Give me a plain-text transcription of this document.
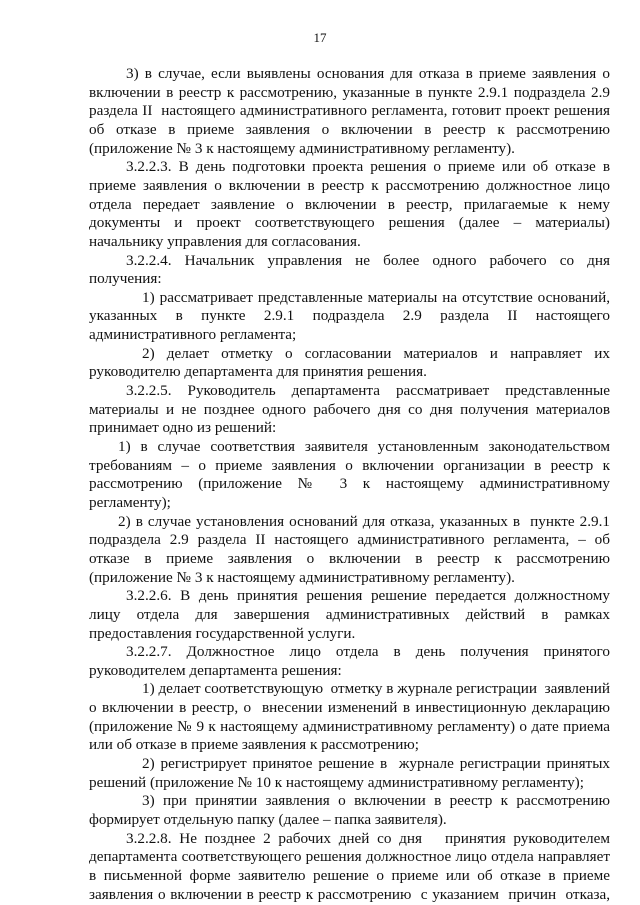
17
3) в случае, если выявлены основания для отказа в приеме заявления о
включении в реестр к рассмотрению, указанные в пункте 2.9.1 подраздела 2.9
раздела II  настоящего административного регламента, готовит проект решения
об отказе в приеме заявления о включении в реестр к рассмотрению
(приложение № 3 к настоящему административному регламенту).
3.2.2.3. В день подготовки проекта решения о приеме или об отказе в
приеме заявления о включении в реестр к рассмотрению должностное лицо
отдела передает заявление о включении в реестр, прилагаемые к нему
документы и проект соответствующего решения (далее – материалы)
начальнику управления для согласования.
3.2.2.4. Начальник управления не более одного рабочего со дня
получения:
1) рассматривает представленные материалы на отсутствие оснований,
указанных в пункте 2.9.1 подраздела 2.9 раздела II настоящего
административного регламента;
2) делает отметку о согласовании материалов и направляет их
руководителю департамента для принятия решения.
3.2.2.5. Руководитель департамента рассматривает представленные
материалы и не позднее одного рабочего дня со дня получения материалов
принимает одно из решений:
1) в случае соответствия заявителя установленным законодательством
требованиям – о приеме заявления о включении организации в реестр к
рассмотрению (приложение № 3 к настоящему административному
регламенту);
2) в случае установления оснований для отказа, указанных в  пункте 2.9.1
подраздела 2.9 раздела II настоящего административного регламента, – об
отказе в приеме заявления о включении в реестр к рассмотрению
(приложение № 3 к настоящему административному регламенту).
3.2.2.6. В день принятия решения решение передается должностному
лицу отдела для завершения административных действий в рамках
предоставления государственной услуги.
3.2.2.7. Должностное лицо отдела в день получения принятого
руководителем департамента решения:
1) делает соответствующую  отметку в журнале регистрации  заявлений
о включении в реестр, о  внесении изменений в инвестиционную декларацию
(приложение № 9 к настоящему административному регламенту) о дате приема
или об отказе в приеме заявления к рассмотрению;
2) регистрирует принятое решение в  журнале регистрации принятых
решений (приложение № 10 к настоящему административному регламенту);
3) при принятии заявления о включении в реестр к рассмотрению
формирует отдельную папку (далее – папка заявителя).
3.2.2.8. Не позднее 2 рабочих дней со дня   принятия руководителем
департамента соответствующего решения должностное лицо отдела направляет
в письменной форме заявителю решение о приеме или об отказе в приеме
заявления о включении в реестр к рассмотрению  с указанием  причин  отказа,
